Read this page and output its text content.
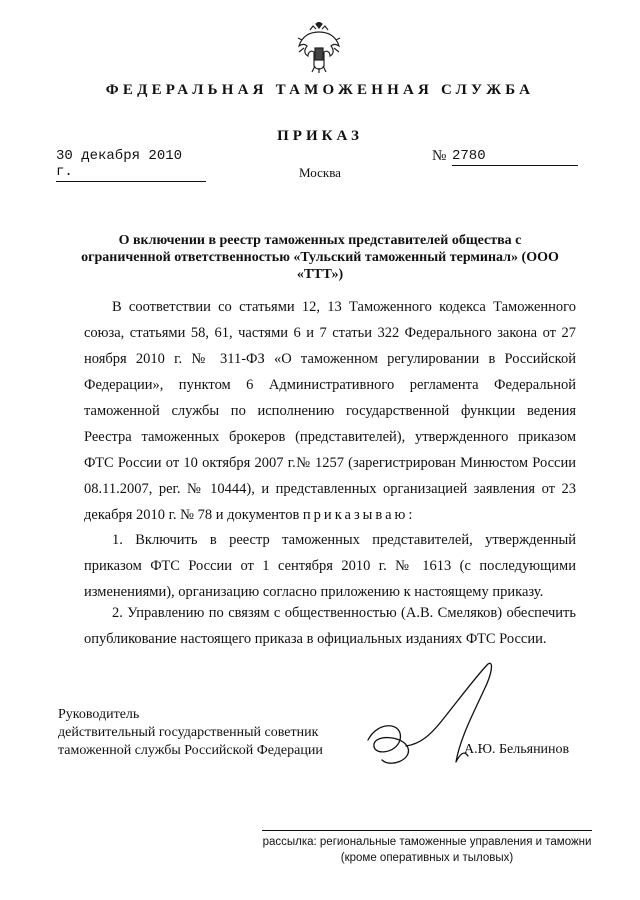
ФЕДЕРАЛЬНАЯ ТАМОЖЕННАЯ СЛУЖБА
ПРИКАЗ
30 декабря 2010 г.
№ 2780
Москва
О включении в реестр таможенных представителей общества с ограниченной ответственностью «Тульский таможенный терминал» (ООО «ТТТ»)
В соответствии со статьями 12, 13 Таможенного кодекса Таможенного союза, статьями 58, 61, частями 6 и 7 статьи 322 Федерального закона от 27 ноября 2010 г. № 311-ФЗ «О таможенном регулировании в Российской Федерации», пунктом 6 Административного регламента Федеральной таможенной службы по исполнению государственной функции ведения Реестра таможенных брокеров (представителей), утвержденного приказом ФТС России от 10 октября 2007 г.№ 1257 (зарегистрирован Минюстом России 08.11.2007, рег. № 10444), и представленных организацией заявления от 23 декабря 2010 г. № 78 и документов приказываю:
1. Включить в реестр таможенных представителей, утвержденный приказом ФТС России от 1 сентября 2010 г. № 1613 (с последующими изменениями), организацию согласно приложению к настоящему приказу.
2. Управлению по связям с общественностью (А.В. Смеляков) обеспечить опубликование настоящего приказа в официальных изданиях ФТС России.
Руководитель
действительный государственный советник
таможенной службы Российской Федерации	А.Ю. Бельянинов
рассылка: региональные таможенные управления и таможни
(кроме оперативных и тыловых)
